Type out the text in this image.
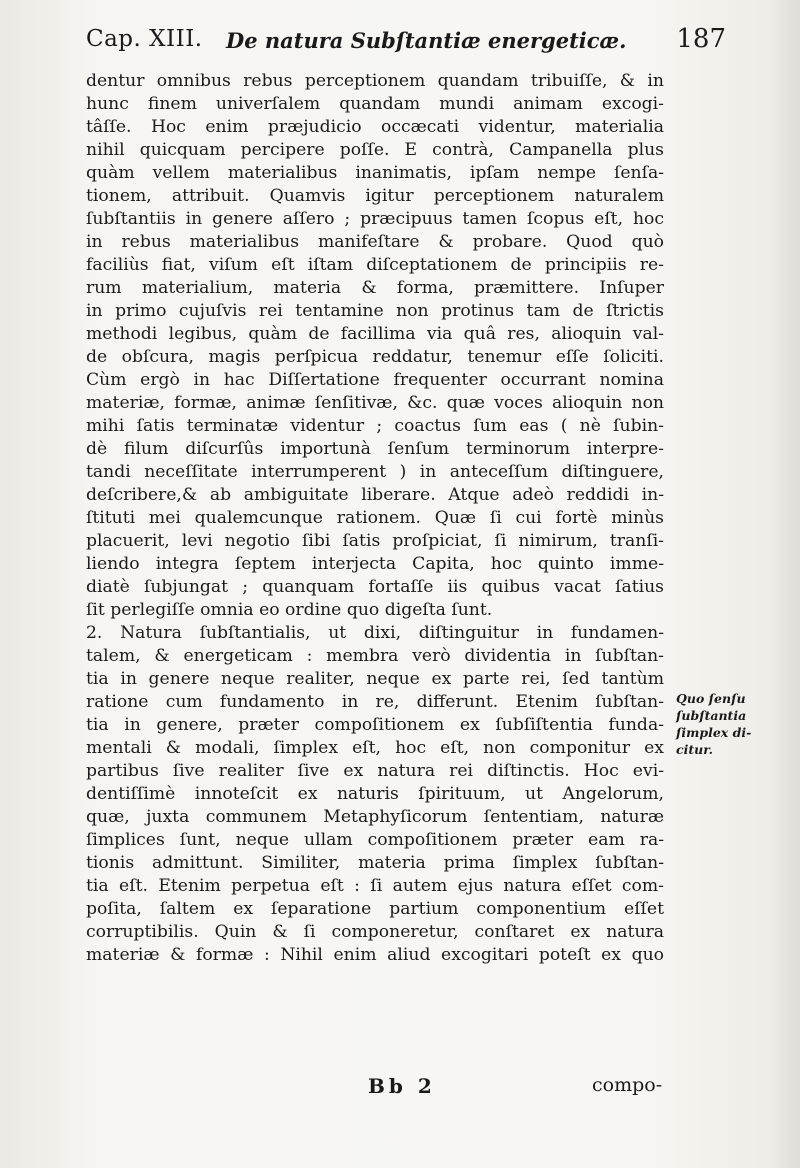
Cap. XIII. De natura Subſtantiæ energeticæ. 187
dentur omnibus rebus perceptionem quandam tribuiſſe, & in
hunc finem univerſalem quandam mundi animam excogi-
tâſſe. Hoc enim præjudicio occæcati videntur, materialia
nihil quicquam percipere poſſe. E contrà, Campanella plus
quàm vellem materialibus inanimatis, ipſam nempe ſenſa-
tionem, attribuit. Quamvis igitur perceptionem naturalem
ſubſtantiis in genere aſſero ; præcipuus tamen ſcopus eſt, hoc
in rebus materialibus manifeſtare & probare. Quod quò
faciliùs fiat, viſum eſt iſtam diſceptationem de principiis re-
rum materialium, materia & forma, præmittere. Inſuper
in primo cujuſvis rei tentamine non protinus tam de ſtrictis
methodi legibus, quàm de facillima via quâ res, alioquin val-
de obſcura, magis perſpicua reddatur, tenemur eſſe ſoliciti.
Cùm ergò in hac Diſſertatione frequenter occurrant nomina
materiæ, formæ, animæ ſenſitivæ, &c. quæ voces alioquin non
mihi ſatis terminatæ videntur ; coactus ſum eas ( nè ſubin-
dè filum diſcurſûs importunà ſenſum terminorum interpre-
tandi neceſſitate interrumperent ) in anteceſſum diſtinguere,
deſcribere,& ab ambiguitate liberare. Atque adeò reddidi in-
ſtituti mei qualemcunque rationem. Quæ ſi cui fortè minùs
placuerit, levi negotio ſibi ſatis proſpiciat, ſi nimirum, tranſi-
liendo integra ſeptem interjecta Capita, hoc quinto imme-
diatè ſubjungat ; quanquam fortaſſe iis quibus vacat ſatius
ſit perlegiſſe omnia eo ordine quo digeſta ſunt.
2. Natura ſubſtantialis, ut dixi, diſtinguitur in fundamen-
talem, & energeticam : membra verò dividentia in ſubſtan-
tia in genere neque realiter, neque ex parte rei, ſed tantùm
ratione cum fundamento in re, differunt. Etenim ſubſtan-
tia in genere, præter compoſitionem ex ſubſiſtentia funda-
mentali & modali, ſimplex eſt, hoc eſt, non componitur ex
partibus ſive realiter ſive ex natura rei diſtinctis. Hoc evi-
dentiſſimè innoteſcit ex naturis ſpirituum, ut Angelorum,
quæ, juxta communem Metaphyſicorum ſententiam, naturæ
ſimplices ſunt, neque ullam compoſitionem præter eam ra-
tionis admittunt. Similiter, materia prima ſimplex ſubſtan-
tia eſt. Etenim perpetua eſt : ſi autem ejus natura eſſet com-
poſita, ſaltem ex ſeparatione partium componentium eſſet
corruptibilis. Quin & ſi componeretur, conſtaret ex natura
materiæ & formæ : Nihil enim aliud excogitari poteſt ex quo
Quo ſenſu
ſubſtantia
ſimplex di-
citur.
Bb 2	compo-
